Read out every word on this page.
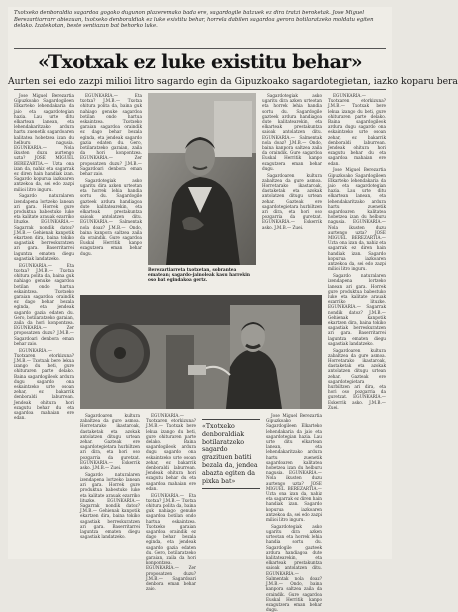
Txotxeko denboraldia sagardoa gogoko dugunon plazeremako bada ere, sagardogile batzuek ez dira tratzi beroketak. Jose Miguel Berezartiarrarr abiezuan, txotxeko denboraldiak ez luke existitu behar, horrela dabilen sagardoa gerora botilaratzeko moldatu egiten delako. Izatekotan, beste sentiazun bat behorko luke.
«Txotxak ez luke existitu behar»
Aurten sei edo zazpi milioi litro sagardo egin da Gipuzkoako sagardotegietan, iazko koparu bera

Jose Miguel Berezartia Gipuzkoako Sagardogileen Elkarteko lehendakaria da jaio eta sagardotegian hazia. Lau urte ditu elkartean lanean, eta lehendakaritzako ardura hartu zuenetik sagardoaren kalitatea hobetzea izan du helburu nagusia. EGUNKARIA.— Nola ikusten duzu aurtengo uzta? JOSE MIGUEL BEREZARTIA.— Uzta ona izan da, nahiz eta sagarrak ez diren hain handiak izan. Sagardo kopurua iazkoaren antzekoa da, sei edo zazpi milioi litro inguru.

Sagardo naturalaren izendapena lortzeko lanean ari gara. Horrek gure produktua babestuko luke eta kalitate arauak ezarriko lituzke. EGUNKARIA.— Sagarrak nondik datoz? J.M.B.— Gehienak kanpotik ekartzen dira, baina tokiko sagastiak berreskuratzen ari gara. Baserritarrei laguntza ematen diegu sagastiak landatzeko.

EGUNKARIA.— Eta txotxa? J.M.B.— Txotxa ohitura polita da, baina guk nahiago genuke sagardoa botilan ondo hartua eskaintzea. Txotxeko garaian sagardoa oraindik ez dago behar bezala eginda, eta jendeak sagardo gazia edaten du. Gero, botilaratzeko garaian, zaila da hori konpontzea. EGUNKARIA.— Zer proposatzen duzu? J.M.B.— Sagardoari denbora eman behar zaio.

EGUNKARIA.— Txotxaren etorkizuna? J.M.B.— Txotxak bere lekua izango du beti, gure ohituraren parte delako. Baina sagardogileok ardura dugu sagardo ona eskaintzeko urte osoan zehar, ez bakarrik denboraldi laburrean. Jendeak ohitura hori ezagutu behar du eta sagardoa mahaian ere edan.

EGUNKARIA.— Eta txotxa? J.M.B.— Txotxa ohitura polita da, baina guk nahiago genuke sagardoa botilan ondo hartua eskaintzea. Txotxeko garaian sagardoa oraindik ez dago behar bezala eginda, eta jendeak sagardo gazia edaten du. Gero, botilaratzeko garaian, zaila da hori konpontzea. EGUNKARIA.— Zer proposatzen duzu? J.M.B.— Sagardoari denbora eman behar zaio.

Sagardotegiak asko ugaritu dira azken urteotan eta horrek lehia handia sortu du. Sagardogile gazteek ardura handiagoa dute kalitatearekin, eta elkarteak prestakuntza saioak antolatzen ditu. EGUNKARIA.— Salmentak nola doaz? J.M.B.— Ondo, baina kanpora saltzea zaila da oraindik. Gure sagardoa Euskal Herritik kanpo ezagutzera eman behar dugu.

Berezartiarreta txotxetan, sobrantea ematean; sagardo-jainoleak kasu harrekin oso bat egindakoa gertz.

Sagardotegiak asko ugaritu dira azken urteotan eta horrek lehia handia sortu du. Sagardogile gazteek ardura handiagoa dute kalitatearekin, eta elkarteak prestakuntza saioak antolatzen ditu. EGUNKARIA.— Salmentak nola doaz? J.M.B.— Ondo, baina kanpora saltzea zaila da oraindik. Gure sagardoa Euskal Herritik kanpo ezagutzera eman behar dugu.

Sagardoaren kultura zabaltzea da gure asmoa. Horretarako ikastaroak, dastaketak eta azokak antolatzen ditugu urtean zehar. Gazteak ere sagardotegietara hurbiltzen ari dira, eta hori oso pozgarria da guretzat. EGUNKARIA.— Eskerrik asko. J.M.B.— Zuei.

EGUNKARIA.— Txotxaren etorkizuna? J.M.B.— Txotxak bere lekua izango du beti, gure ohituraren parte delako. Baina sagardogileok ardura dugu sagardo ona eskaintzeko urte osoan zehar, ez bakarrik denboraldi laburrean. Jendeak ohitura hori ezagutu behar du eta sagardoa mahaian ere edan.

Jose Miguel Berezartia Gipuzkoako Sagardogileen Elkarteko lehendakaria da jaio eta sagardotegian hazia. Lau urte ditu elkartean lanean, eta lehendakaritzako ardura hartu zuenetik sagardoaren kalitatea hobetzea izan du helburu nagusia. EGUNKARIA.— Nola ikusten duzu aurtengo uzta? JOSE MIGUEL BEREZARTIA.— Uzta ona izan da, nahiz eta sagarrak ez diren hain handiak izan. Sagardo kopurua iazkoaren antzekoa da, sei edo zazpi milioi litro inguru.

Sagardo naturalaren izendapena lortzeko lanean ari gara. Horrek gure produktua babestuko luke eta kalitate arauak ezarriko lituzke. EGUNKARIA.— Sagarrak nondik datoz? J.M.B.— Gehienak kanpotik ekartzen dira, baina tokiko sagastiak berreskuratzen ari gara. Baserritarrei laguntza ematen diegu sagastiak landatzeko.

Sagardoaren kultura zabaltzea da gure asmoa. Horretarako ikastaroak, dastaketak eta azokak antolatzen ditugu urtean zehar. Gazteak ere sagardotegietara hurbiltzen ari dira, eta hori oso pozgarria da guretzat. EGUNKARIA.— Eskerrik asko. J.M.B.— Zuei.

Sagardoaren kultura zabaltzea da gure asmoa. Horretarako ikastaroak, dastaketak eta azokak antolatzen ditugu urtean zehar. Gazteak ere sagardotegietara hurbiltzen ari dira, eta hori oso pozgarria da guretzat. EGUNKARIA.— Eskerrik asko. J.M.B.— Zuei.

Sagardo naturalaren izendapena lortzeko lanean ari gara. Horrek gure produktua babestuko luke eta kalitate arauak ezarriko lituzke. EGUNKARIA.— Sagarrak nondik datoz? J.M.B.— Gehienak kanpotik ekartzen dira, baina tokiko sagastiak berreskuratzen ari gara. Baserritarrei laguntza ematen diegu sagastiak landatzeko.

EGUNKARIA.— Txotxaren etorkizuna? J.M.B.— Txotxak bere lekua izango du beti, gure ohituraren parte delako. Baina sagardogileok ardura dugu sagardo ona eskaintzeko urte osoan zehar, ez bakarrik denboraldi laburrean. Jendeak ohitura hori ezagutu behar du eta sagardoa mahaian ere edan.

EGUNKARIA.— Eta txotxa? J.M.B.— Txotxa ohitura polita da, baina guk nahiago genuke sagardoa botilan ondo hartua eskaintzea. Txotxeko garaian sagardoa oraindik ez dago behar bezala eginda, eta jendeak sagardo gazia edaten du. Gero, botilaratzeko garaian, zaila da hori konpontzea. EGUNKARIA.— Zer proposatzen duzu? J.M.B.— Sagardoari denbora eman behar zaio.

«Txotxeko denboraldiak botilaratzeko sagardo grazituen batiti bezala da, jendea abazta egiten da pixka bat»

Jose Miguel Berezartia Gipuzkoako Sagardogileen Elkarteko lehendakaria da jaio eta sagardotegian hazia. Lau urte ditu elkartean lanean, eta lehendakaritzako ardura hartu zuenetik sagardoaren kalitatea hobetzea izan du helburu nagusia. EGUNKARIA.— Nola ikusten duzu aurtengo uzta? JOSE MIGUEL BEREZARTIA.— Uzta ona izan da, nahiz eta sagarrak ez diren hain handiak izan. Sagardo kopurua iazkoaren antzekoa da, sei edo zazpi milioi litro inguru.

Sagardotegiak asko ugaritu dira azken urteotan eta horrek lehia handia sortu du. Sagardogile gazteek ardura handiagoa dute kalitatearekin, eta elkarteak prestakuntza saioak antolatzen ditu. EGUNKARIA.— Salmentak nola doaz? J.M.B.— Ondo, baina kanpora saltzea zaila da oraindik. Gure sagardoa Euskal Herritik kanpo ezagutzera eman behar dugu.
